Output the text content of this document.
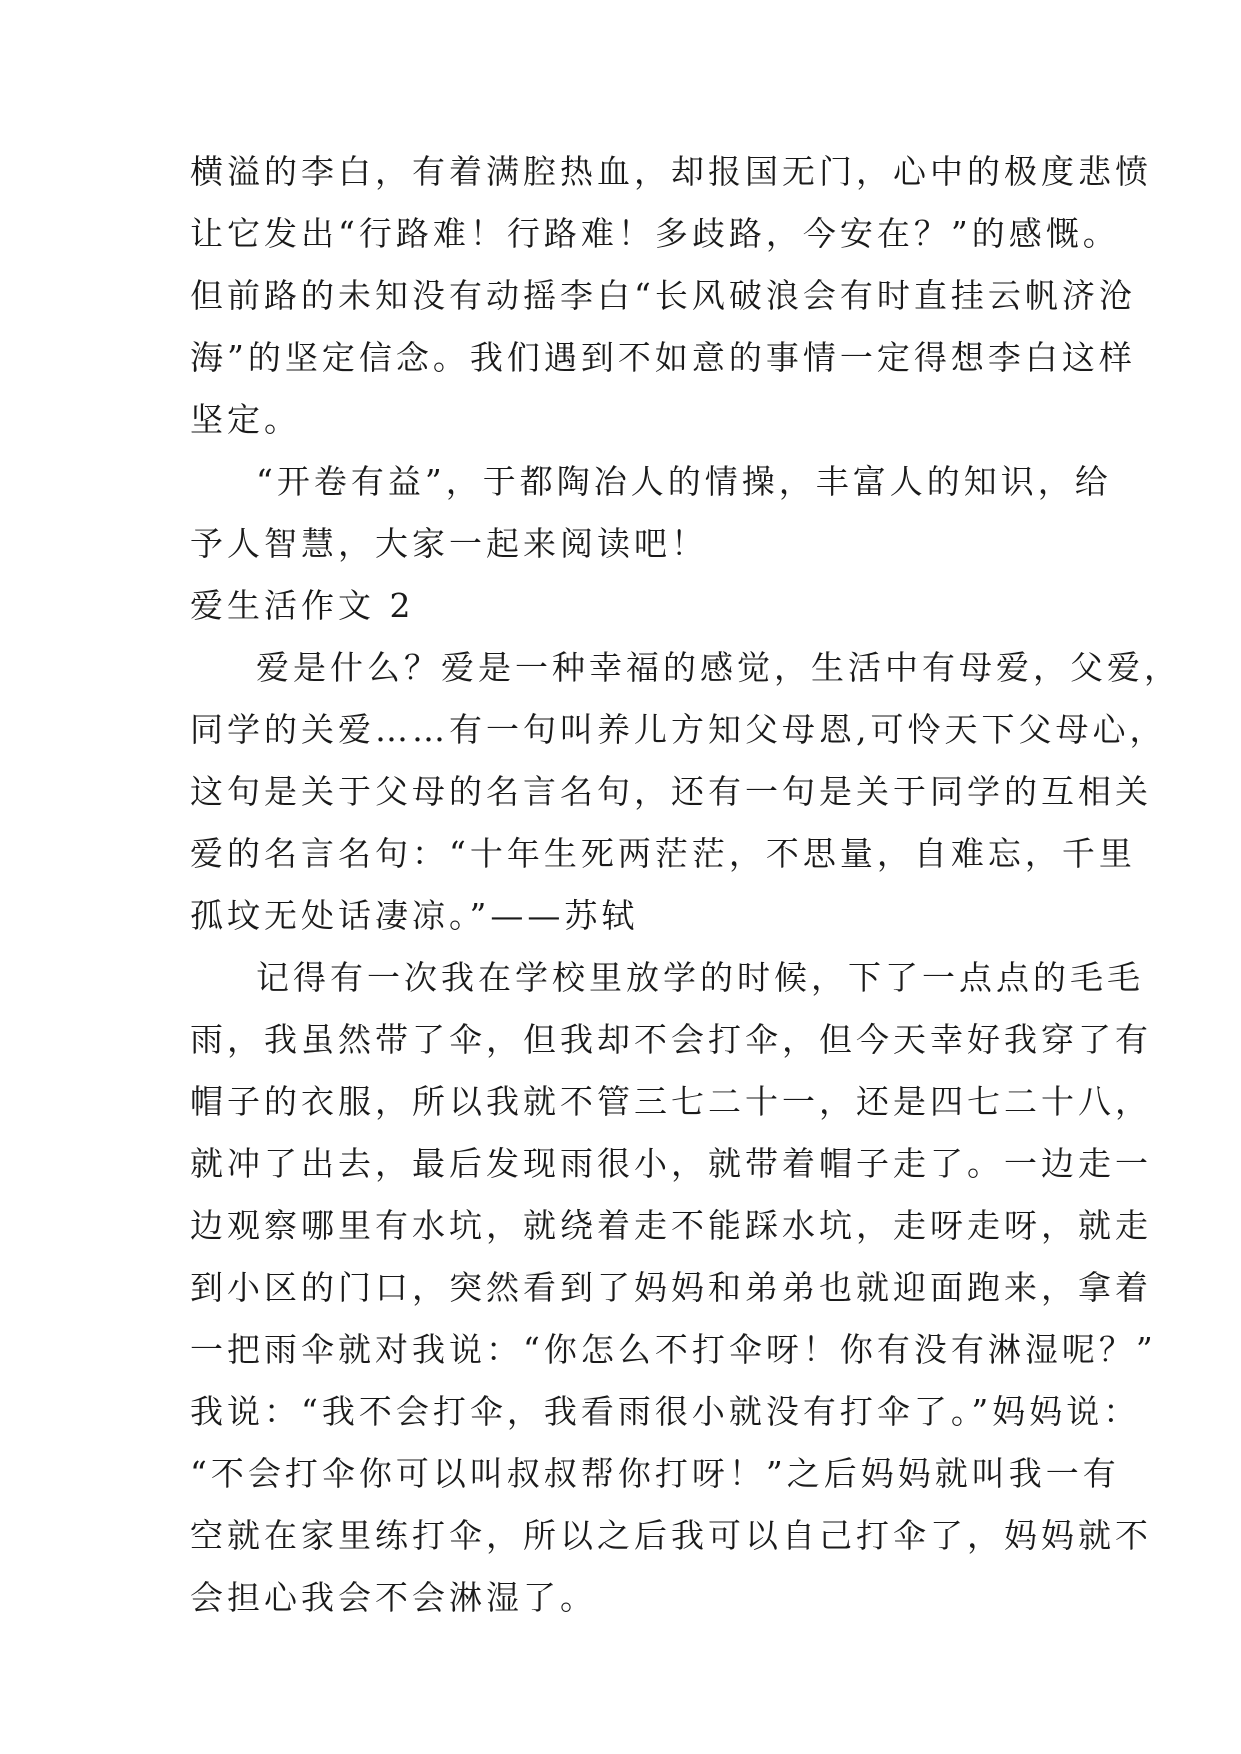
横溢的李白，有着满腔热血，却报国无门，心中的极度悲愤
让它发出“行路难！行路难！多歧路，今安在？”的感慨。
但前路的未知没有动摇李白“长风破浪会有时直挂云帆济沧
海”的坚定信念。我们遇到不如意的事情一定得想李白这样
坚定。
“开卷有益”，于都陶冶人的情操，丰富人的知识，给
予人智慧，大家一起来阅读吧！
爱生活作文 2
爱是什么？爱是一种幸福的感觉，生活中有母爱，父爱，
同学的关爱……有一句叫养儿方知父母恩,可怜天下父母心，
这句是关于父母的名言名句，还有一句是关于同学的互相关
爱的名言名句：“十年生死两茫茫，不思量，自难忘，千里
孤坟无处话凄凉。”——苏轼
记得有一次我在学校里放学的时候，下了一点点的毛毛
雨，我虽然带了伞，但我却不会打伞，但今天幸好我穿了有
帽子的衣服，所以我就不管三七二十一，还是四七二十八，
就冲了出去，最后发现雨很小，就带着帽子走了。一边走一
边观察哪里有水坑，就绕着走不能踩水坑，走呀走呀，就走
到小区的门口，突然看到了妈妈和弟弟也就迎面跑来，拿着
一把雨伞就对我说：“你怎么不打伞呀！你有没有淋湿呢？”
我说：“我不会打伞，我看雨很小就没有打伞了。”妈妈说：
“不会打伞你可以叫叔叔帮你打呀！”之后妈妈就叫我一有
空就在家里练打伞，所以之后我可以自己打伞了，妈妈就不
会担心我会不会淋湿了。
